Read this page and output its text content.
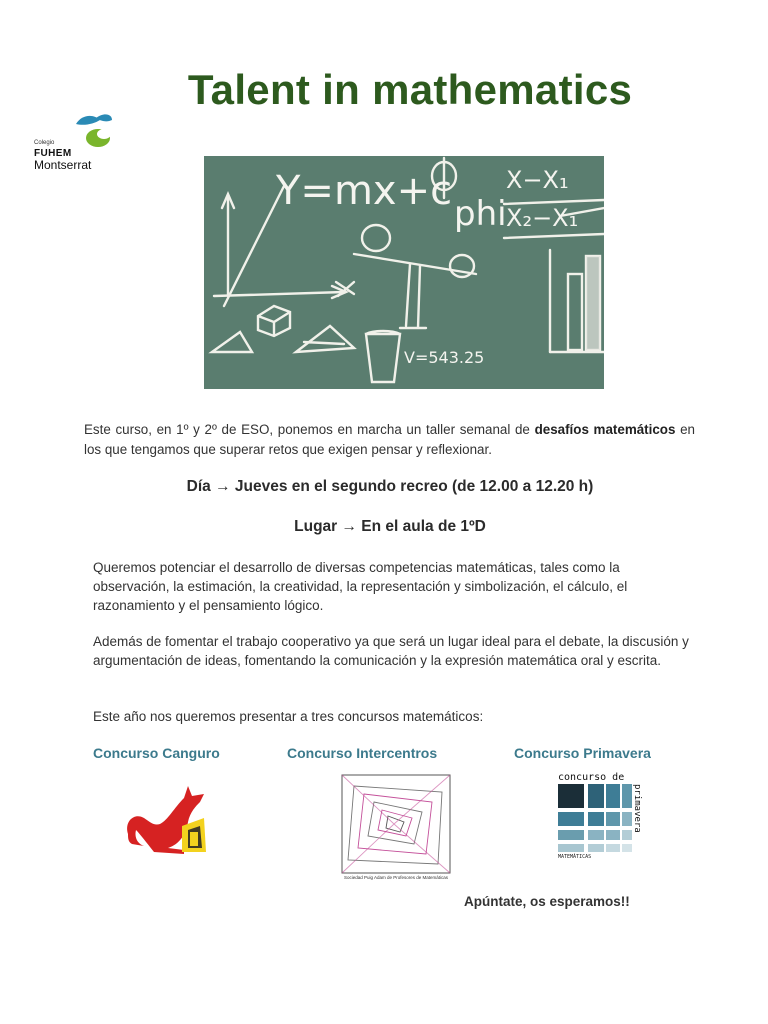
Talent in mathematics
Colegio
FUHEM
Montserrat
Y=mx+c phi
V=543.25
X−X₁
X₂−X₁
Este curso, en 1º y 2º de ESO, ponemos en marcha un taller semanal de desafíos matemáticos en los que tengamos que superar retos que exigen pensar y reflexionar.
Día → Jueves en el segundo recreo (de 12.00 a 12.20 h)
Lugar → En el aula de 1ºD
Queremos potenciar el desarrollo de diversas competencias matemáticas, tales como la observación, la estimación, la creatividad, la representación y simbolización, el cálculo, el razonamiento y el pensamiento lógico.
Además de fomentar el trabajo cooperativo ya que será un lugar ideal para el debate, la discusión y argumentación de ideas, fomentando la comunicación y la expresión matemática oral y escrita.
Este año nos queremos presentar a tres concursos matemáticos:
Concurso Canguro	Concurso Intercentros	Concurso Primavera
Sociedad Puig Adam de Profesores de Matemáticas
concurso de
primavera
MATEMÁTICAS
Apúntate, os esperamos!!
